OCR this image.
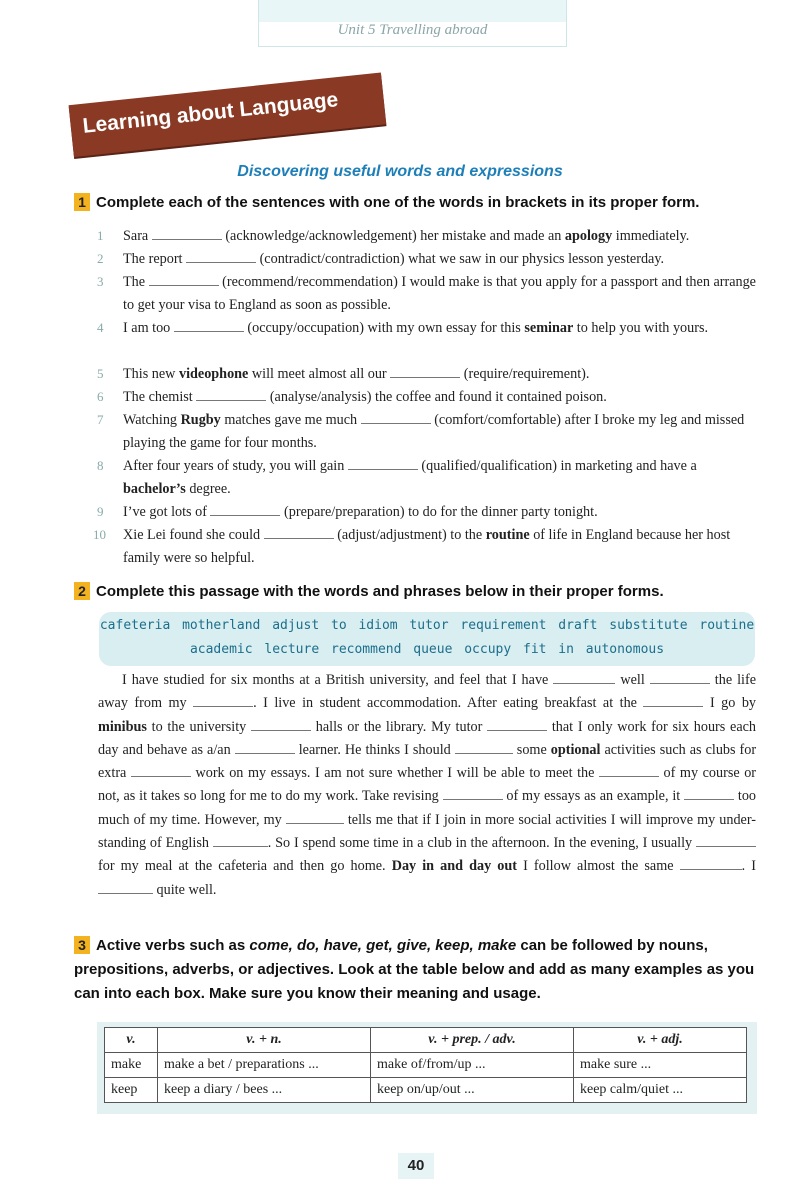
Unit 5 Travelling abroad
Learning about Language
Discovering useful words and expressions
1 Complete each of the sentences with one of the words in brackets in its proper form.
1 Sara	(acknowledge/acknowledgement) her mistake and made an apology immediately.
2 The report	(contradict/contradiction) what we saw in our physics lesson yesterday.
3 The	(recommend/recommendation) I would make is that you apply for a passport and then arrange to get your visa to England as soon as possible.
4 I am too	(occupy/occupation) with my own essay for this seminar to help you with yours.
5 This new videophone will meet almost all our	(require/requirement).
6 The chemist	(analyse/analysis) the coffee and found it contained poison.
7 Watching Rugby matches gave me much	(comfort/comfortable) after I broke my leg and missed playing the game for four months.
8 After four years of study, you will gain	(qualified/qualification) in marketing and have a bachelor’s degree.
9 I’ve got lots of	(prepare/preparation) to do for the dinner party tonight.
10 Xie Lei found she could	(adjust/adjustment) to the routine of life in England because her host family were so helpful.
2 Complete this passage with the words and phrases below in their proper forms.
cafeteria motherland adjust to idiom tutor requirement draft substitute routine
academic lecture recommend queue occupy fit in autonomous
I have studied for six months at a British university, and feel that I have	well	the life away from my	. I live in student accommodation. After eating breakfast at the	I go by minibus to the university	halls or the library. My tutor	that I only work for six hours each day and behave as a/an	learner. He thinks I should	some optional activities such as clubs for extra	work on my essays. I am not sure whether I will be able to meet the	of my course or not, as it takes so long for me to do my work. Take revising	of my essays as an example, it	too much of my time. However, my	tells me that if I join in more social activities I will improve my under-standing of English	. So I spend some time in a club in the afternoon. In the evening, I usually  for my meal at the cafeteria and then go home. Day in and day out I follow almost the same	. I  quite well.
3 Active verbs such as come, do, have, get, give, keep, make can be followed by nouns, prepositions, adverbs, or adjectives. Look at the table below and add as many examples as you can into each box. Make sure you know their meaning and usage.
v.	v. + n.	v. + prep. / adv.	v. + adj.
make	make a bet / preparations ...	make of/from/up ...	make sure ...
keep	keep a diary / bees ...	keep on/up/out ...	keep calm/quiet ...
40
